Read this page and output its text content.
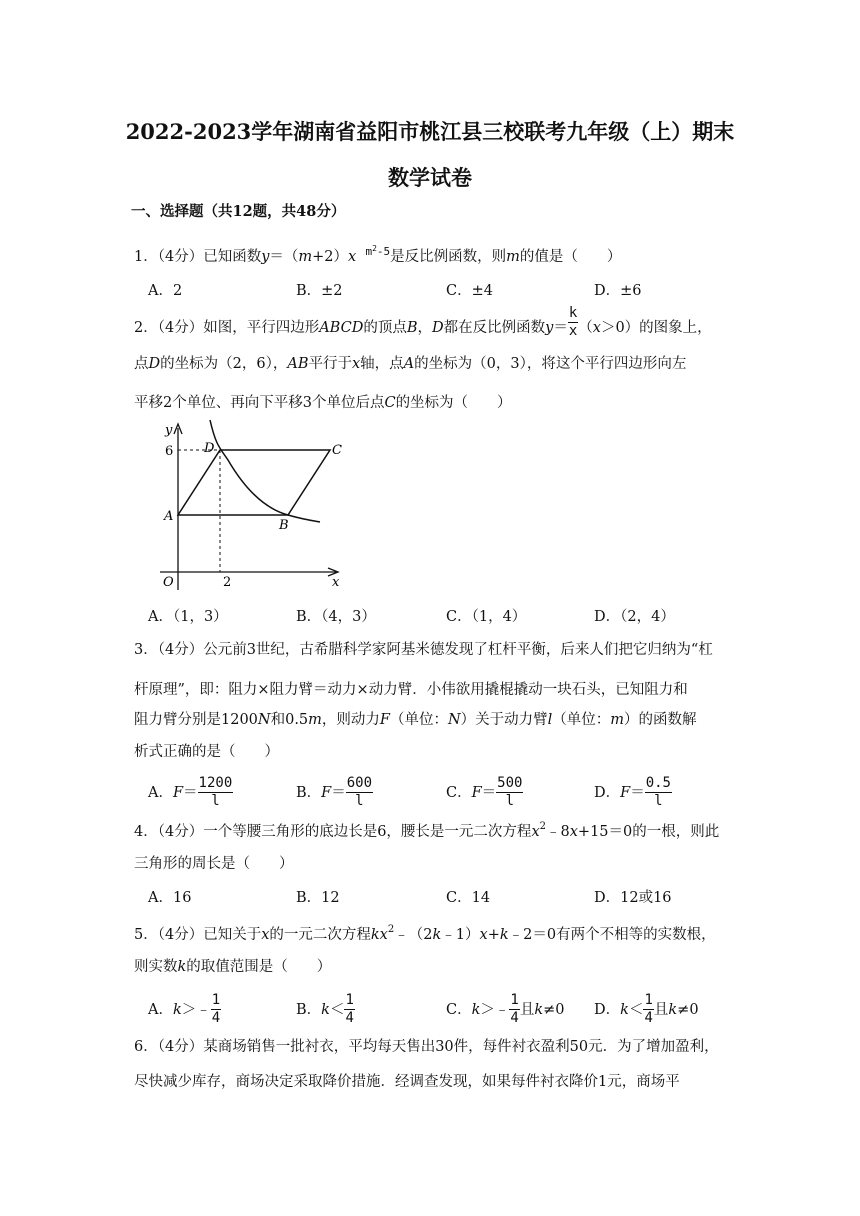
2022-2023学年湖南省益阳市桃江县三校联考九年级（上）期末
数学试卷
一、选择题（共12题，共48分）
1．（4分）已知函数y＝（m+2）x $^{m^2-5}$是反比例函数，则m的值是（　　）
A．2	B．±2	C．±4	D．±6
2．（4分）如图，平行四边形ABCD的顶点B，D都在反比例函数$y= \frac{k}{x} (x>0)$的图象上，
点D的坐标为（2，6），AB平行于x轴，点A的坐标为（0，3），将这个平行四边形向左
平移2个单位、再向下平移3个单位后点C的坐标为（　　）
y
6 D	C
A
B
O	2	x
A．（1，3）	B．（4，3）	C．（1，4）	D．（2，4）
3．（4分）公元前3世纪，古希腊科学家阿基米德发现了杠杆平衡，后来人们把它归纳为“杠
杆原理”，即：阻力×阻力臂＝动力×动力臂．小伟欲用撬棍撬动一块石头，已知阻力和
阻力臂分别是1200N和0.5m，则动力F（单位：N）关于动力臂l（单位：m）的函数解
析式正确的是（　　）
A．$F= \frac{1200}{l}$	B．$F= \frac{600}{l}$	C．$F= \frac{500}{l}$	D．$F= \frac{0.5}{l}$
4．（4分）一个等腰三角形的底边长是6，腰长是一元二次方程$x^2﹣8x+15=0$的一根，则此
三角形的周长是（　　）
A．16	B．12	C．14	D．12或16
5．（4分）已知关于x的一元二次方程$kx^2﹣(2k﹣1)x+k﹣2=0$有两个不相等的实数根，
则实数k的取值范围是（　　）
A．k＞﹣ $\frac{1}{4}$	B．$k< \frac{1}{4}$	C．k＞﹣ $\frac{1}{4}$ 且k≠0 D．$k< \frac{1}{4}$ 且k≠0
6．（4分）某商场销售一批衬衣，平均每天售出30件，每件衬衣盈利50元．为了增加盈利，
尽快减少库存，商场决定采取降价措施．经调查发现，如果每件衬衣降价1元，商场平
